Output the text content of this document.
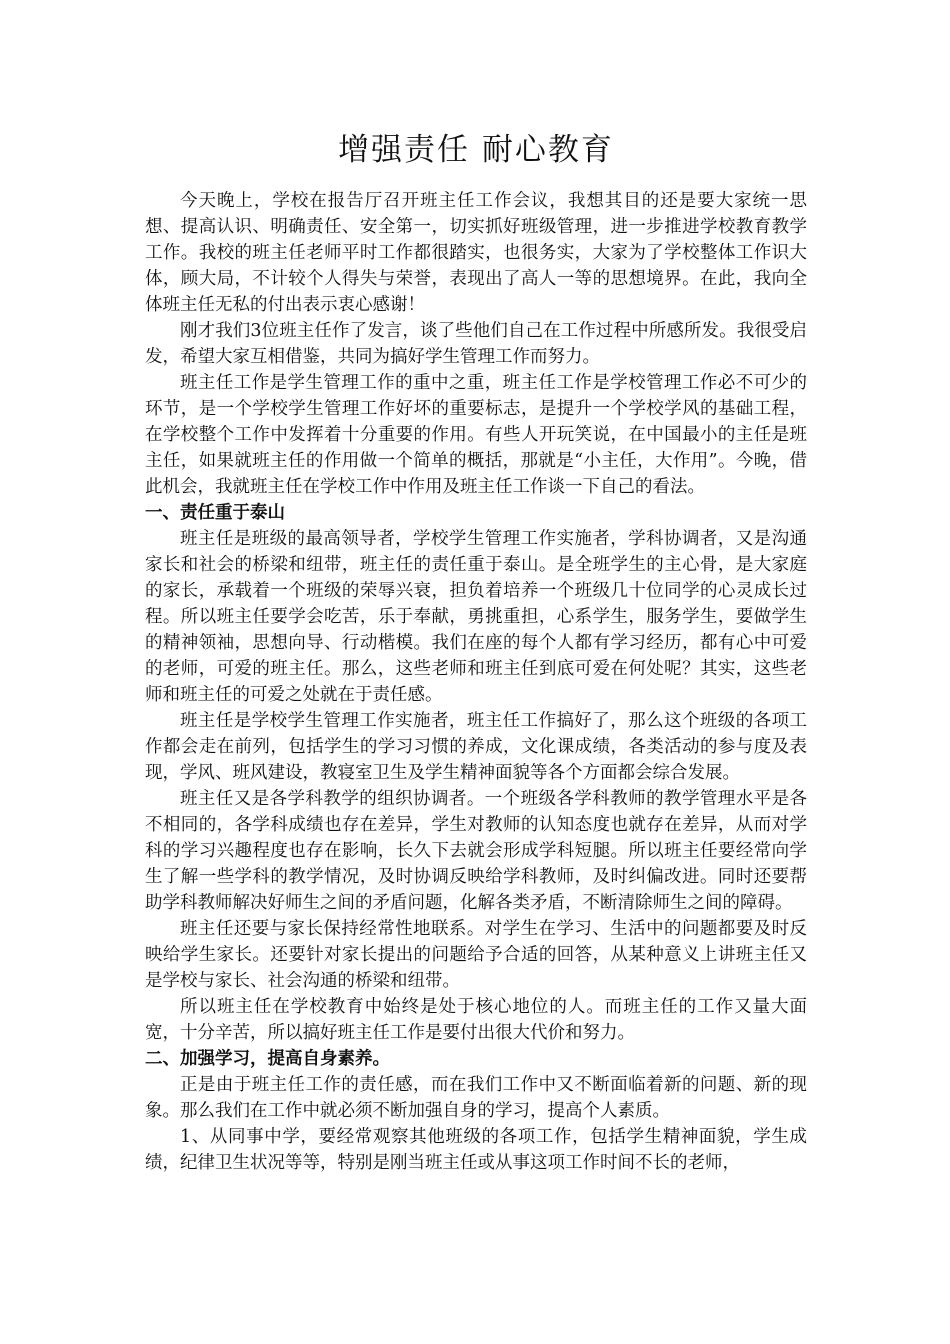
增强责任 耐心教育

今天晚上，学校在报告厅召开班主任工作会议，我想其目的还是要大家统一思想、提高认识、明确责任、安全第一，切实抓好班级管理，进一步推进学校教育教学工作。我校的班主任老师平时工作都很踏实，也很务实，大家为了学校整体工作识大体，顾大局，不计较个人得失与荣誉，表现出了高人一等的思想境界。在此，我向全体班主任无私的付出表示衷心感谢！

刚才我们3位班主任作了发言，谈了些他们自己在工作过程中所感所发。我很受启发，希望大家互相借鉴，共同为搞好学生管理工作而努力。

班主任工作是学生管理工作的重中之重，班主任工作是学校管理工作必不可少的环节，是一个学校学生管理工作好坏的重要标志，是提升一个学校学风的基础工程，在学校整个工作中发挥着十分重要的作用。有些人开玩笑说，在中国最小的主任是班主任，如果就班主任的作用做一个简单的概括，那就是“小主任，大作用”。今晚，借此机会，我就班主任在学校工作中作用及班主任工作谈一下自己的看法。

一、责任重于泰山

班主任是班级的最高领导者，学校学生管理工作实施者，学科协调者，又是沟通家长和社会的桥梁和纽带，班主任的责任重于泰山。是全班学生的主心骨，是大家庭的家长，承载着一个班级的荣辱兴衰，担负着培养一个班级几十位同学的心灵成长过程。所以班主任要学会吃苦，乐于奉献，勇挑重担，心系学生，服务学生，要做学生的精神领袖，思想向导、行动楷模。我们在座的每个人都有学习经历，都有心中可爱的老师，可爱的班主任。那么，这些老师和班主任到底可爱在何处呢？其实，这些老师和班主任的可爱之处就在于责任感。

班主任是学校学生管理工作实施者，班主任工作搞好了，那么这个班级的各项工作都会走在前列，包括学生的学习习惯的养成，文化课成绩，各类活动的参与度及表现，学风、班风建设，教寝室卫生及学生精神面貌等各个方面都会综合发展。

班主任又是各学科教学的组织协调者。一个班级各学科教师的教学管理水平是各不相同的，各学科成绩也存在差异，学生对教师的认知态度也就存在差异，从而对学科的学习兴趣程度也存在影响，长久下去就会形成学科短腿。所以班主任要经常向学生了解一些学科的教学情况，及时协调反映给学科教师，及时纠偏改进。同时还要帮助学科教师解决好师生之间的矛盾问题，化解各类矛盾，不断清除师生之间的障碍。

班主任还要与家长保持经常性地联系。对学生在学习、生活中的问题都要及时反映给学生家长。还要针对家长提出的问题给予合适的回答，从某种意义上讲班主任又是学校与家长、社会沟通的桥梁和纽带。

所以班主任在学校教育中始终是处于核心地位的人。而班主任的工作又量大面宽，十分辛苦，所以搞好班主任工作是要付出很大代价和努力。

二、加强学习，提高自身素养。

正是由于班主任工作的责任感，而在我们工作中又不断面临着新的问题、新的现象。那么我们在工作中就必须不断加强自身的学习，提高个人素质。

1、从同事中学，要经常观察其他班级的各项工作，包括学生精神面貌，学生成绩，纪律卫生状况等等，特别是刚当班主任或从事这项工作时间不长的老师，
